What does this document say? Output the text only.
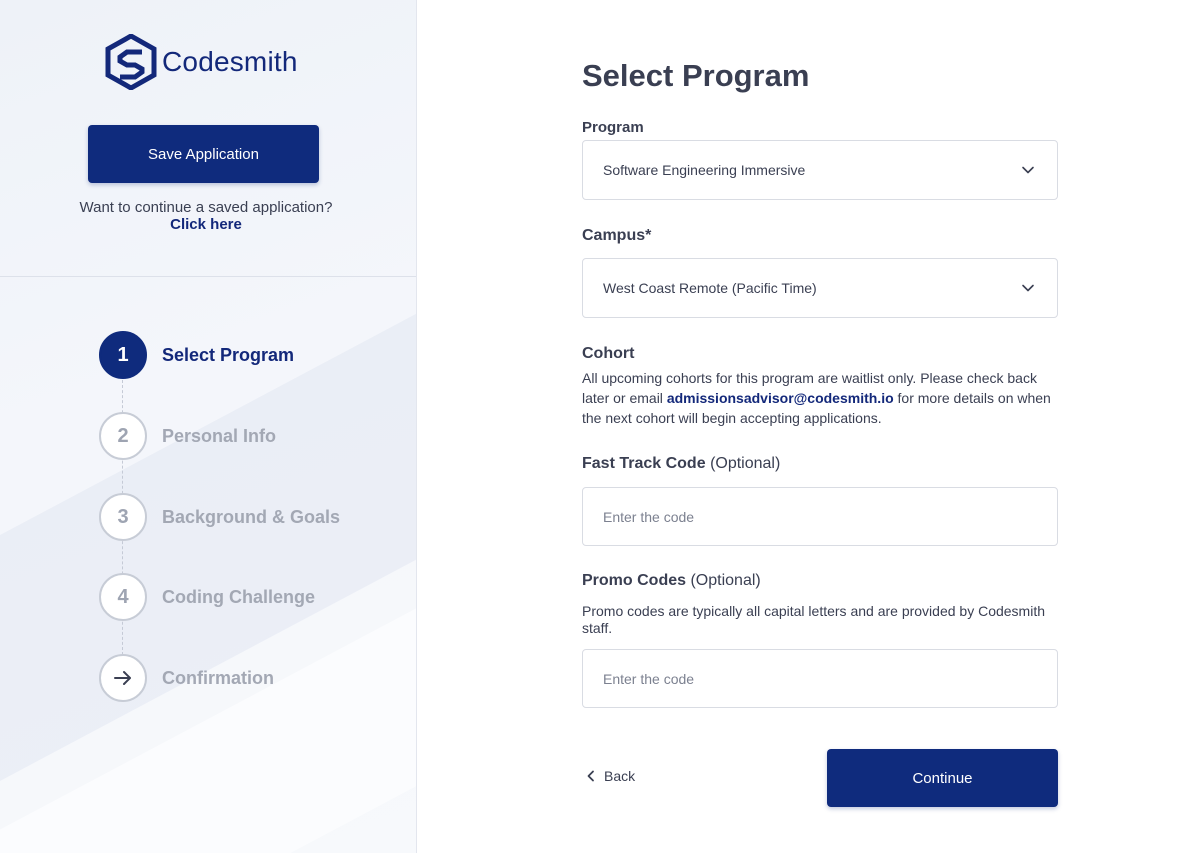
Codesmith
Save Application
Want to continue a saved application?
Click here
1	Select Program
2	Personal Info
3	Background & Goals
4	Coding Challenge
Confirmation
Select Program
Program
Software Engineering Immersive
Campus*
West Coast Remote (Pacific Time)
Cohort
All upcoming cohorts for this program are waitlist only. Please check back later or email admissionsadvisor@codesmith.io for more details on when the next cohort will begin accepting applications.
Fast Track Code (Optional)
Enter the code
Promo Codes (Optional)
Promo codes are typically all capital letters and are provided by Codesmith staff.
Enter the code
Back	Continue
